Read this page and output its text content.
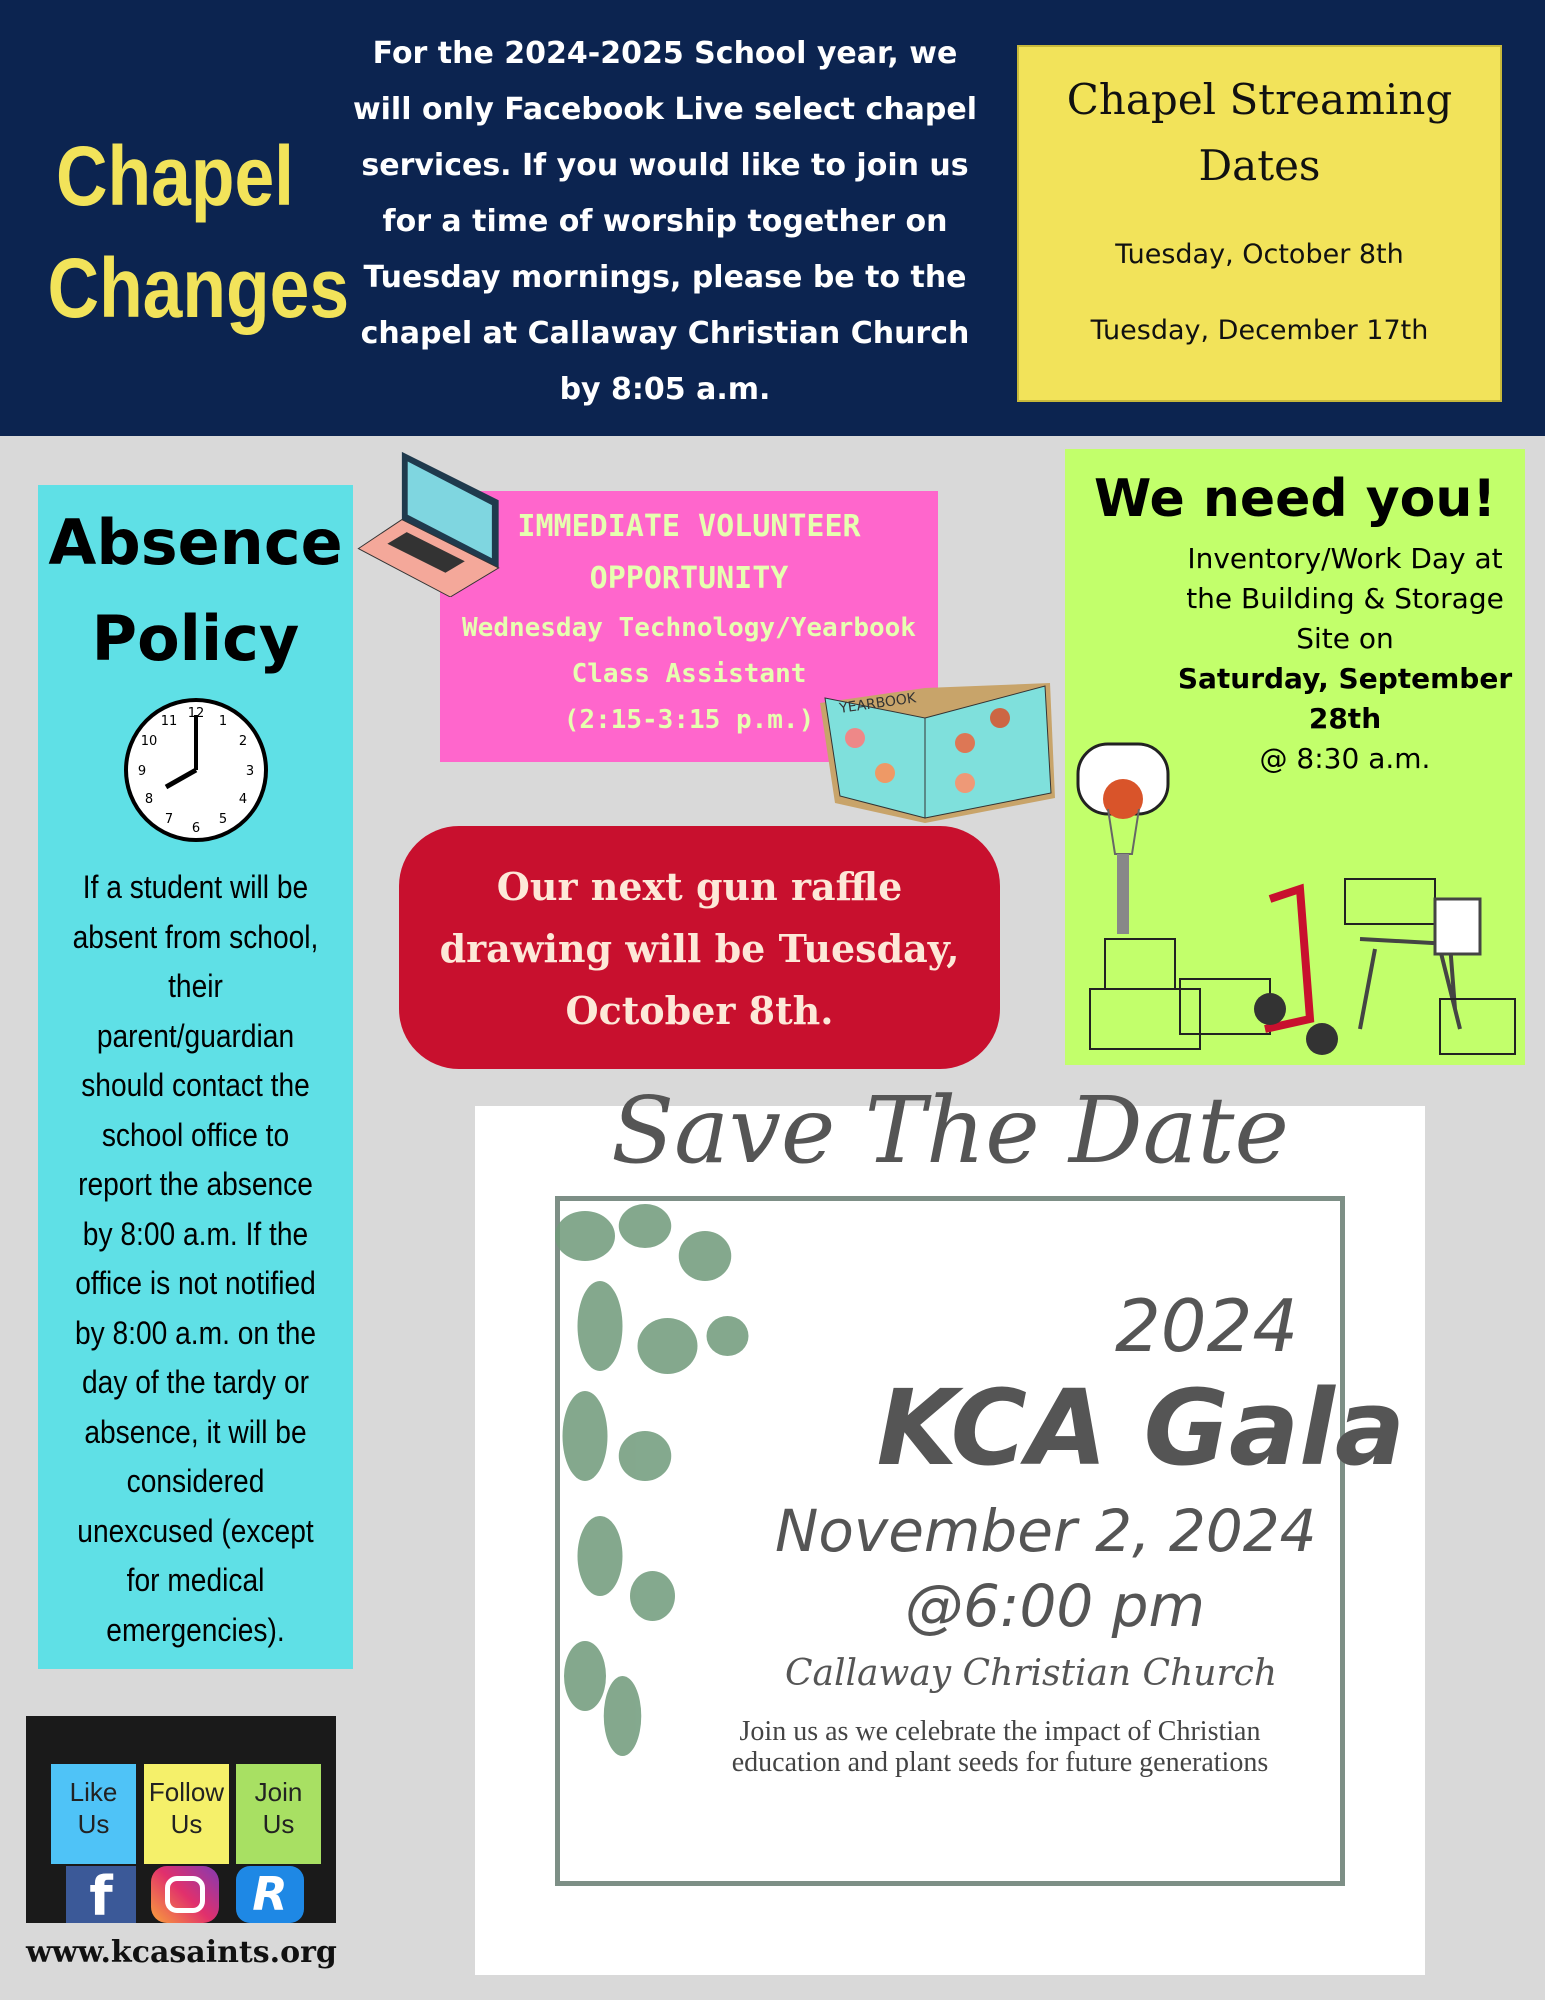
Chapel
Changes
For the 2024-2025 School year, we will only Facebook Live select chapel services. If you would like to join us for a time of worship together on Tuesday mornings, please be to the chapel at Callaway Christian Church by 8:05 a.m.
Chapel Streaming Dates

Tuesday, October 8th

Tuesday, December 17th

Absence Policy
12
1
2
3
4
5
6
7
8
9
10
11
If a student will be absent from school, their parent/guardian should contact the school office to report the absence by 8:00 a.m. If the office is not notified by 8:00 a.m. on the day of the tardy or absence, it will be considered unexcused (except for medical emergencies).
IMMEDIATE VOLUNTEER OPPORTUNITY
Wednesday Technology/Yearbook Class Assistant
(2:15-3:15 p.m.)
YEARBOOK
Our next gun raffle drawing will be Tuesday, October 8th.
We need you!
Inventory/Work Day at the Building & Storage Site on
Saturday, September 28th
@ 8:30 a.m.
Save The Date
2024
KCA Gala
November 2, 2024
@6:00 pm
Callaway Christian Church
Join us as we celebrate the impact of Christian education and plant seeds for future generations
Like Us
Follow Us
Join Us
f	R
www.kcasaints.org
